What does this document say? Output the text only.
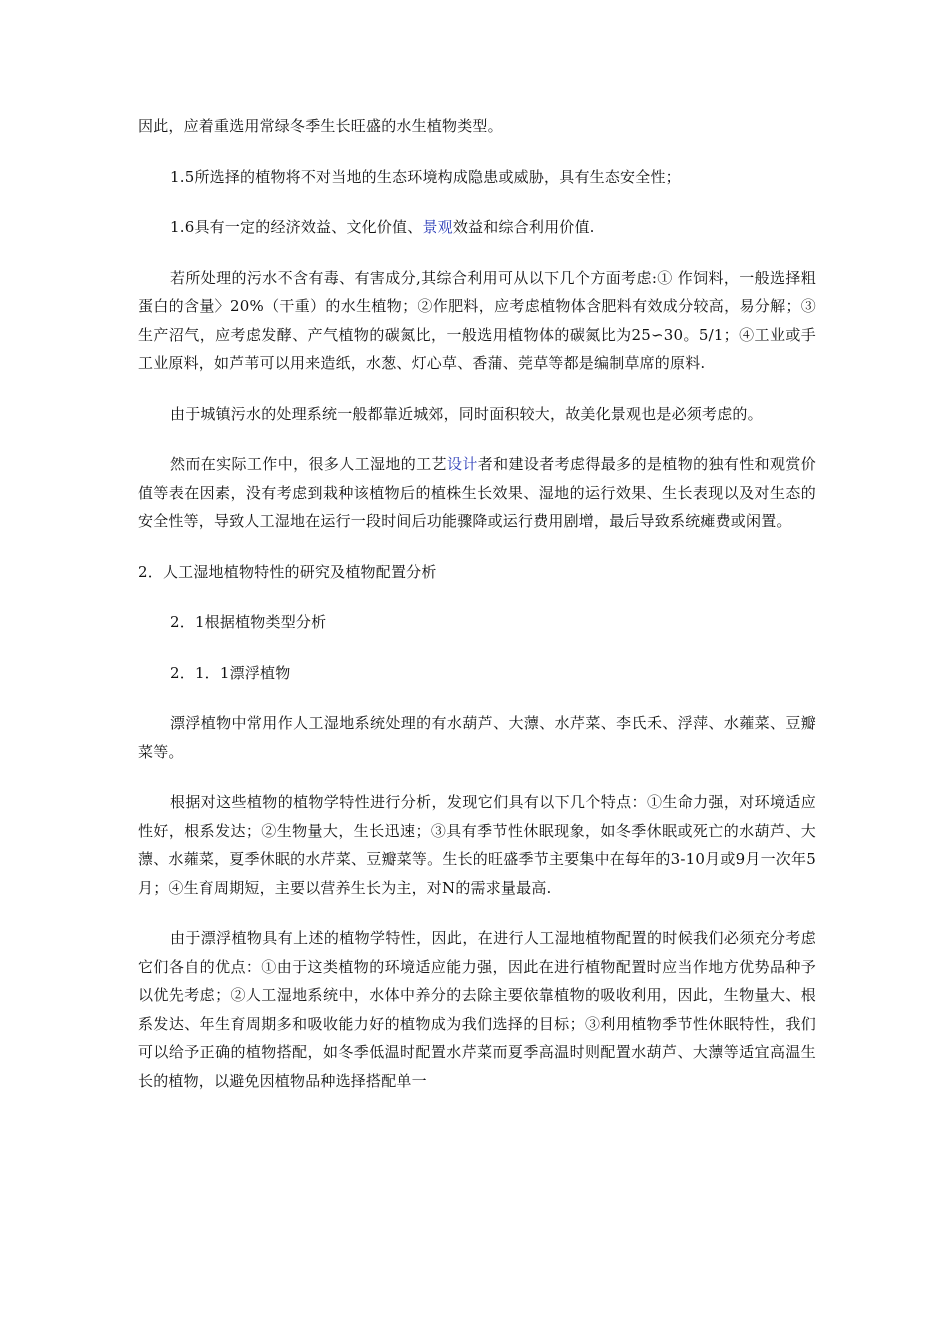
因此，应着重选用常绿冬季生长旺盛的水生植物类型。

1.5所选择的植物将不对当地的生态环境构成隐患或威胁，具有生态安全性；

1.6具有一定的经济效益、文化价值、景观效益和综合利用价值.

若所处理的污水不含有毒、有害成分,其综合利用可从以下几个方面考虑:① 作饲料，一般选择粗蛋白的含量〉20%（干重）的水生植物；②作肥料，应考虑植物体含肥料有效成分较高，易分解；③生产沼气，应考虑发酵、产气植物的碳氮比，一般选用植物体的碳氮比为25∽30。5/1；④工业或手工业原料，如芦苇可以用来造纸，水葱、灯心草、香蒲、莞草等都是编制草席的原料.

由于城镇污水的处理系统一般都靠近城郊，同时面积较大，故美化景观也是必须考虑的。

然而在实际工作中，很多人工湿地的工艺设计者和建设者考虑得最多的是植物的独有性和观赏价值等表在因素，没有考虑到栽种该植物后的植株生长效果、湿地的运行效果、生长表现以及对生态的安全性等，导致人工湿地在运行一段时间后功能骤降或运行费用剧增，最后导致系统瘫费或闲置。

2．人工湿地植物特性的研究及植物配置分析

2．1根据植物类型分析

2．1．1漂浮植物

漂浮植物中常用作人工湿地系统处理的有水葫芦、大薸、水芹菜、李氏禾、浮萍、水蕹菜、豆瓣菜等。

根据对这些植物的植物学特性进行分析，发现它们具有以下几个特点：①生命力强，对环境适应性好，根系发达；②生物量大，生长迅速；③具有季节性休眠现象，如冬季休眠或死亡的水葫芦、大薸、水蕹菜，夏季休眠的水芹菜、豆瓣菜等。生长的旺盛季节主要集中在每年的3-10月或9月一次年5月；④生育周期短，主要以营养生长为主，对N的需求量最高.

由于漂浮植物具有上述的植物学特性，因此，在进行人工湿地植物配置的时候我们必须充分考虑它们各自的优点：①由于这类植物的环境适应能力强，因此在进行植物配置时应当作地方优势品种予以优先考虑；②人工湿地系统中，水体中养分的去除主要依靠植物的吸收利用，因此，生物量大、根系发达、年生育周期多和吸收能力好的植物成为我们选择的目标；③利用植物季节性休眠特性，我们可以给予正确的植物搭配，如冬季低温时配置水芹菜而夏季高温时则配置水葫芦、大薸等适宜高温生长的植物，以避免因植物品种选择搭配单一
